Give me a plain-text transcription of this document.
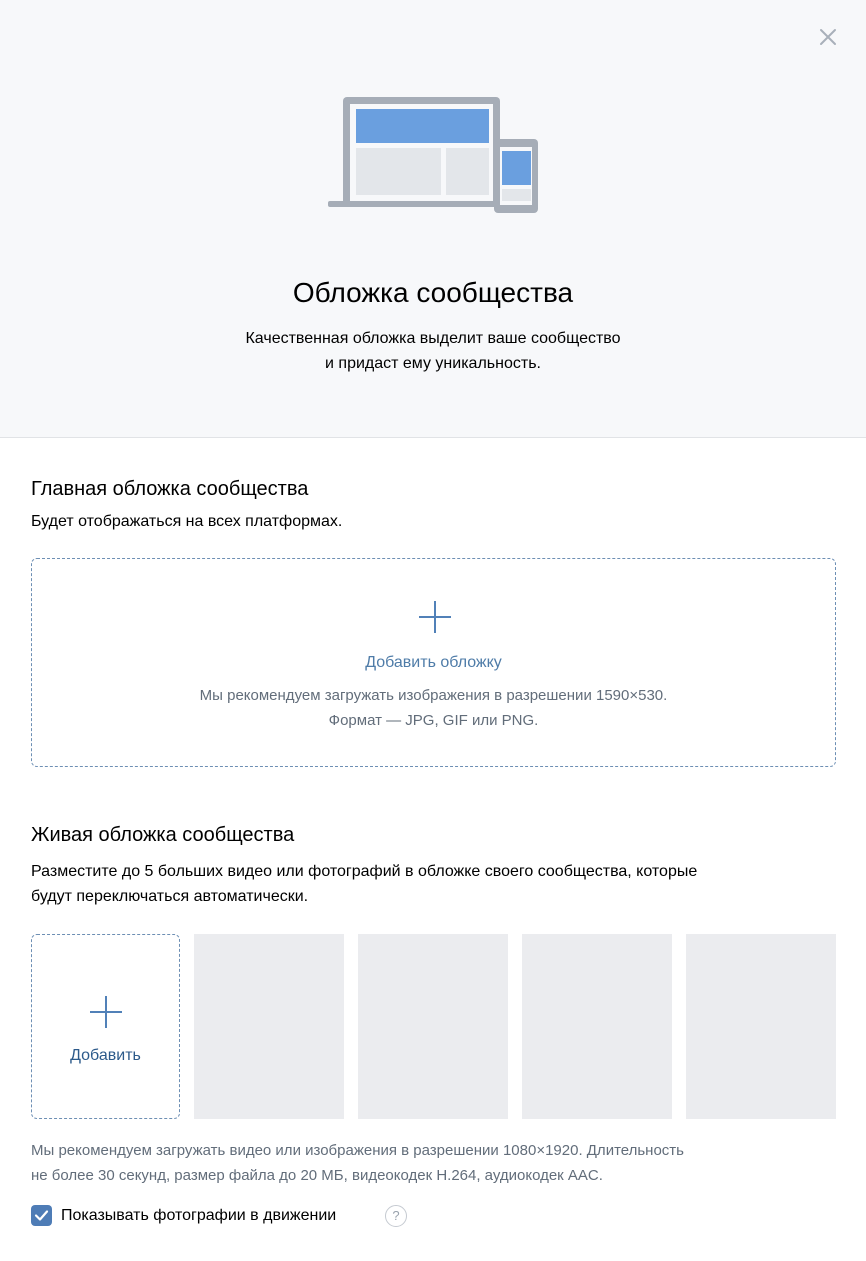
Обложка сообщества
Качественная обложка выделит ваше сообщество
и придаст ему уникальность.
Главная обложка сообщества
Будет отображаться на всех платформах.
Добавить обложку
Мы рекомендуем загружать изображения в разрешении 1590×530.
Формат — JPG, GIF или PNG.
Живая обложка сообщества
Разместите до 5 больших видео или фотографий в обложке своего сообщества, которые
будут переключаться автоматически.
Добавить
Мы рекомендуем загружать видео или изображения в разрешении 1080×1920. Длительность
не более 30 секунд, размер файла до 20 МБ, видеокодек H.264, аудиокодек AAC.
Показывать фотографии в движении	?
